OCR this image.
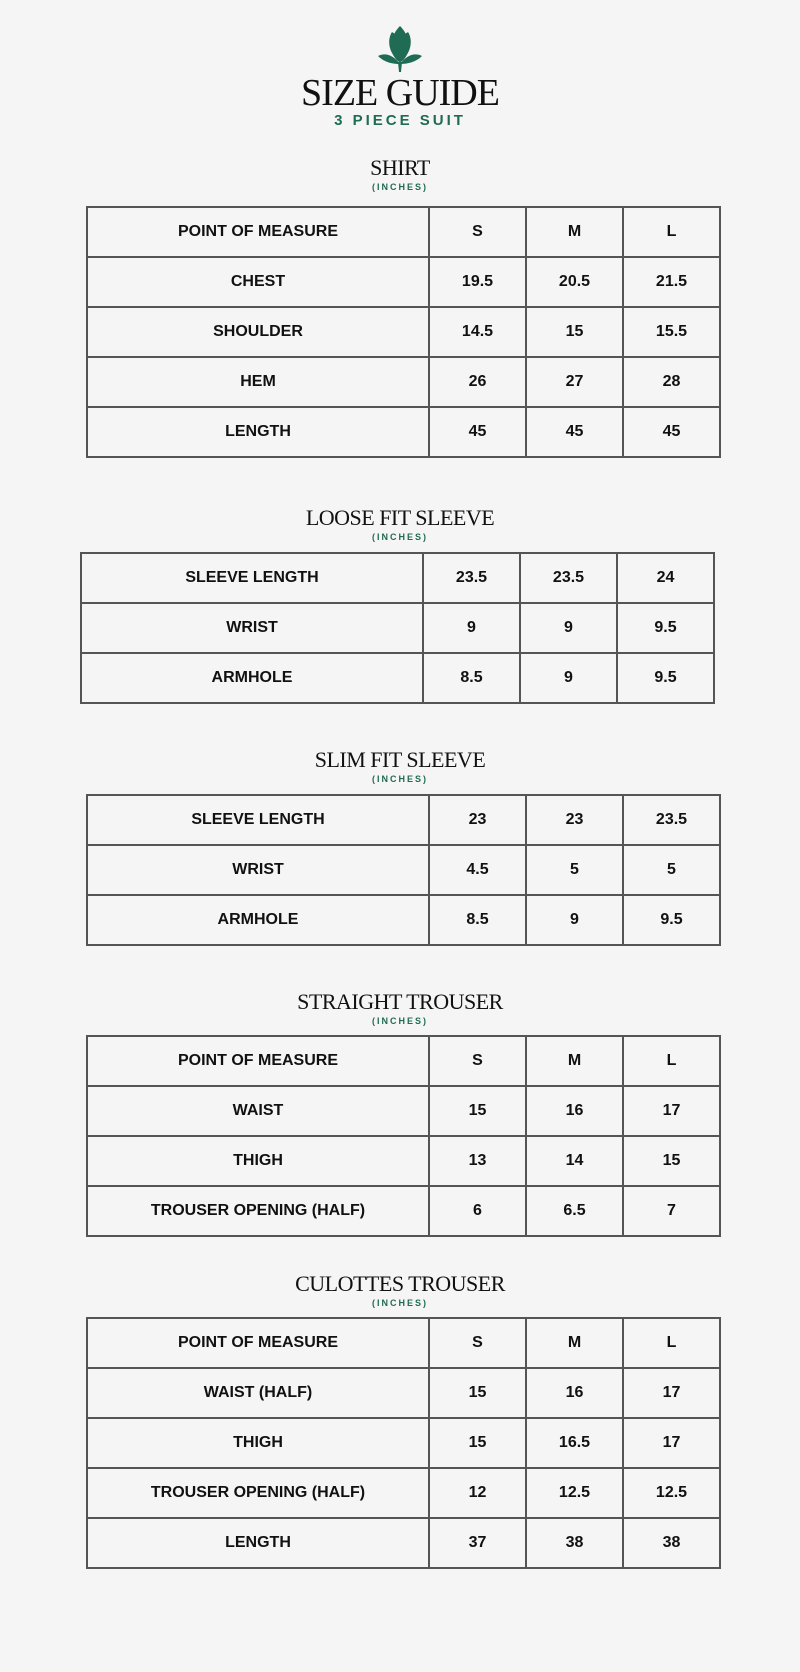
SIZE GUIDE
3 PIECE SUIT
SHIRT
(INCHES)
POINT OF MEASURE	S	M	L
CHEST	19.5	20.5	21.5
SHOULDER	14.5	15	15.5
HEM	26	27	28
LENGTH	45	45	45
LOOSE FIT SLEEVE
(INCHES)
SLEEVE LENGTH	23.5	23.5	24
WRIST	9	9	9.5
ARMHOLE	8.5	9	9.5
SLIM FIT SLEEVE
(INCHES)
SLEEVE LENGTH	23	23	23.5
WRIST	4.5	5	5
ARMHOLE	8.5	9	9.5
STRAIGHT TROUSER
(INCHES)
POINT OF MEASURE	S	M	L
WAIST	15	16	17
THIGH	13	14	15
TROUSER OPENING (HALF)	6	6.5	7
CULOTTES TROUSER
(INCHES)
POINT OF MEASURE	S	M	L
WAIST (HALF)	15	16	17
THIGH	15	16.5	17
TROUSER OPENING (HALF)	12	12.5	12.5
LENGTH	37	38	38
